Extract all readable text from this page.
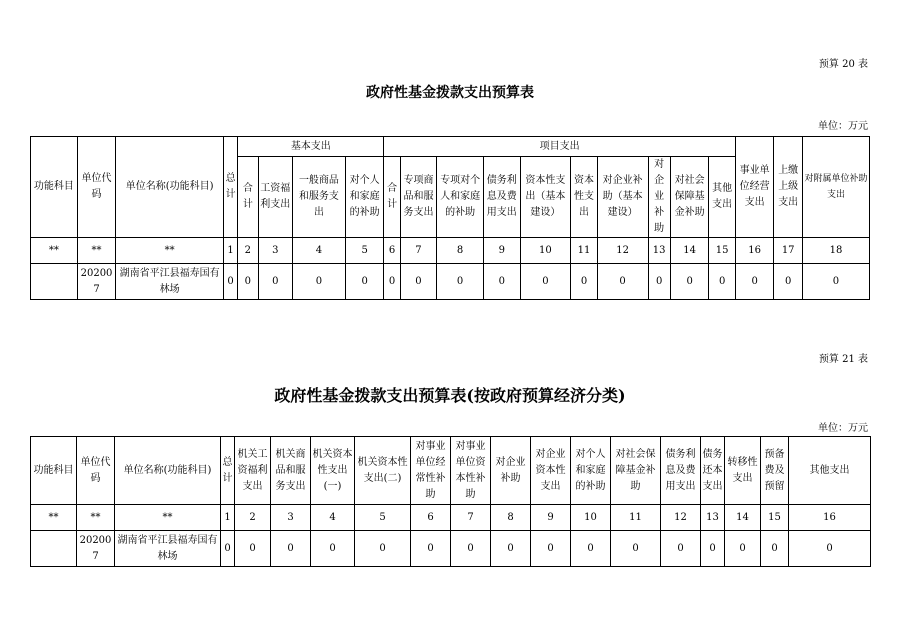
预算 20 表
政府性基金拨款支出预算表
单位：万元
功能科目	单位代码	单位名称(功能科目)	总计	基本支出				项目支出										事业单位经营支出	上缴上级支出	对附属单位补助支出
				合计	工资福利支出	一般商品和服务支出	对个人和家庭的补助	合计	专项商品和服务支出	专项对个人和家庭的补助	债务利息及费用支出	资本性支出（基本建设）	资本性支出	对企业补助（基本建设）	对企业补助	对社会保障基金补助	其他支出			
**	**	**	1	2	3	4	5	6	7	8	9	10	11	12	13	14	15	16	17	18
	202007	湖南省平江县福寿国有林场	0	0	0	0	0	0	0	0	0	0	0	0	0	0	0	0	0	0
预算 21 表
政府性基金拨款支出预算表(按政府预算经济分类)
单位：万元
功能科目	单位代码	单位名称(功能科目)	总计	机关工资福利支出	机关商品和服务支出	机关资本性支出(一)	机关资本性支出(二)	对事业单位经常性补助	对事业单位资本性补助	对企业补助	对企业资本性支出	对个人和家庭的补助	对社会保障基金补助	债务利息及费用支出	债务还本支出	转移性支出	预备费及预留	其他支出
**	**	**	1	2	3	4	5	6	7	8	9	10	11	12	13	14	15	16
	202007	湖南省平江县福寿国有林场	0	0	0	0	0	0	0	0	0	0	0	0	0	0	0	0
